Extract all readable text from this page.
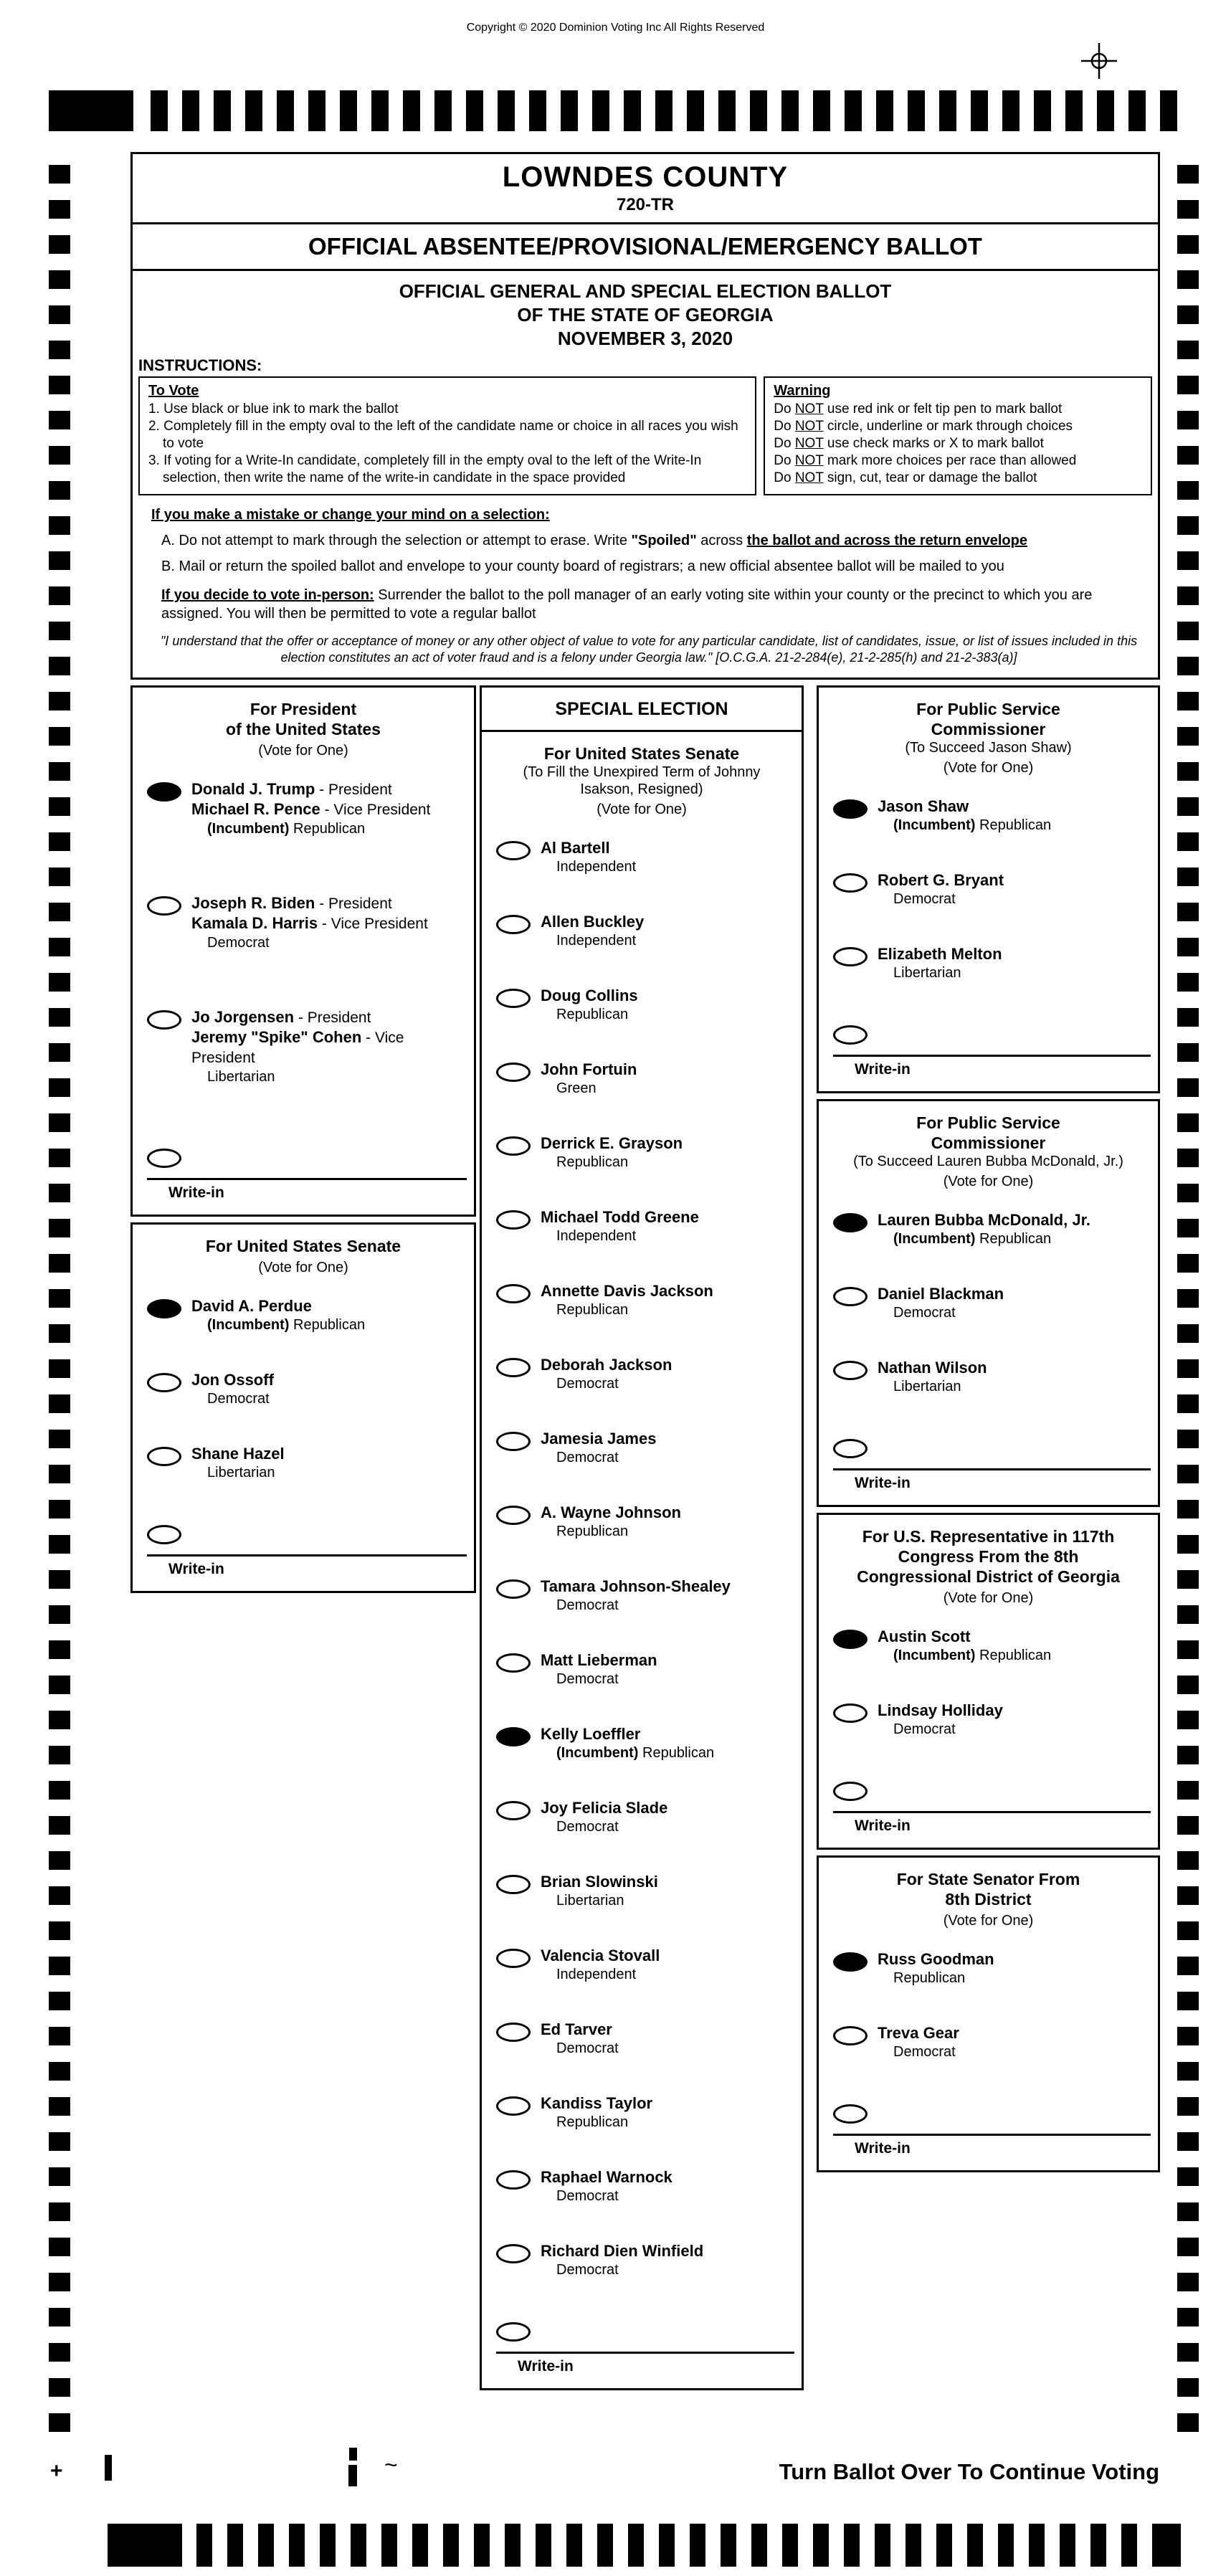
Copyright © 2020 Dominion Voting Inc All Rights Reserved
LOWNDES COUNTY
720-TR
OFFICIAL ABSENTEE/PROVISIONAL/EMERGENCY BALLOT
OFFICIAL GENERAL AND SPECIAL ELECTION BALLOT
OF THE STATE OF GEORGIA
NOVEMBER 3, 2020
INSTRUCTIONS:
To Vote
1. Use black or blue ink to mark the ballot
2. Completely fill in the empty oval to the left of the candidate name or choice in all races you wish to vote
3. If voting for a Write-In candidate, completely fill in the empty oval to the left of the Write-In selection, then write the name of the write-in candidate in the space provided
Warning
Do NOT use red ink or felt tip pen to mark ballot
Do NOT circle, underline or mark through choices
Do NOT use check marks or X to mark ballot
Do NOT mark more choices per race than allowed
Do NOT sign, cut, tear or damage the ballot
If you make a mistake or change your mind on a selection:
A. Do not attempt to mark through the selection or attempt to erase. Write "Spoiled" across the ballot and across the return envelope
B. Mail or return the spoiled ballot and envelope to your county board of registrars; a new official absentee ballot will be mailed to you
If you decide to vote in-person: Surrender the ballot to the poll manager of an early voting site within your county or the precinct to which you are assigned. You will then be permitted to vote a regular ballot
"I understand that the offer or acceptance of money or any other object of value to vote for any particular candidate, list of candidates, issue, or list of issues included in this election constitutes an act of voter fraud and is a felony under Georgia law." [O.C.G.A. 21-2-284(e), 21-2-285(h) and 21-2-383(a)]
For President
of the United States
(Vote for One)
Donald J. Trump - President
Michael R. Pence - Vice President
(Incumbent) Republican
Joseph R. Biden - President
Kamala D. Harris - Vice President
Democrat
Jo Jorgensen - President
Jeremy "Spike" Cohen - Vice President
Libertarian
Write-in
For United States Senate
(Vote for One)
David A. Perdue
(Incumbent) Republican
Jon Ossoff
Democrat
Shane Hazel
Libertarian
Write-in
SPECIAL ELECTION
For United States Senate
(To Fill the Unexpired Term of Johnny
Isakson, Resigned)
(Vote for One)
Al Bartell
Independent
Allen Buckley
Independent
Doug Collins
Republican
John Fortuin
Green
Derrick E. Grayson
Republican
Michael Todd Greene
Independent
Annette Davis Jackson
Republican
Deborah Jackson
Democrat
Jamesia James
Democrat
A. Wayne Johnson
Republican
Tamara Johnson-Shealey
Democrat
Matt Lieberman
Democrat
Kelly Loeffler
(Incumbent) Republican
Joy Felicia Slade
Democrat
Brian Slowinski
Libertarian
Valencia Stovall
Independent
Ed Tarver
Democrat
Kandiss Taylor
Republican
Raphael Warnock
Democrat
Richard Dien Winfield
Democrat
Write-in
For Public Service
Commissioner
(To Succeed Jason Shaw)
(Vote for One)
Jason Shaw
(Incumbent) Republican
Robert G. Bryant
Democrat
Elizabeth Melton
Libertarian
Write-in
For Public Service
Commissioner
(To Succeed Lauren Bubba McDonald, Jr.)
(Vote for One)
Lauren Bubba McDonald, Jr.
(Incumbent) Republican
Daniel Blackman
Democrat
Nathan Wilson
Libertarian
Write-in
For U.S. Representative in 117th
Congress From the 8th
Congressional District of Georgia
(Vote for One)
Austin Scott
(Incumbent) Republican
Lindsay Holliday
Democrat
Write-in
For State Senator From
8th District
(Vote for One)
Russ Goodman
Republican
Treva Gear
Democrat
Write-in
Turn Ballot Over To Continue Voting
+	~
